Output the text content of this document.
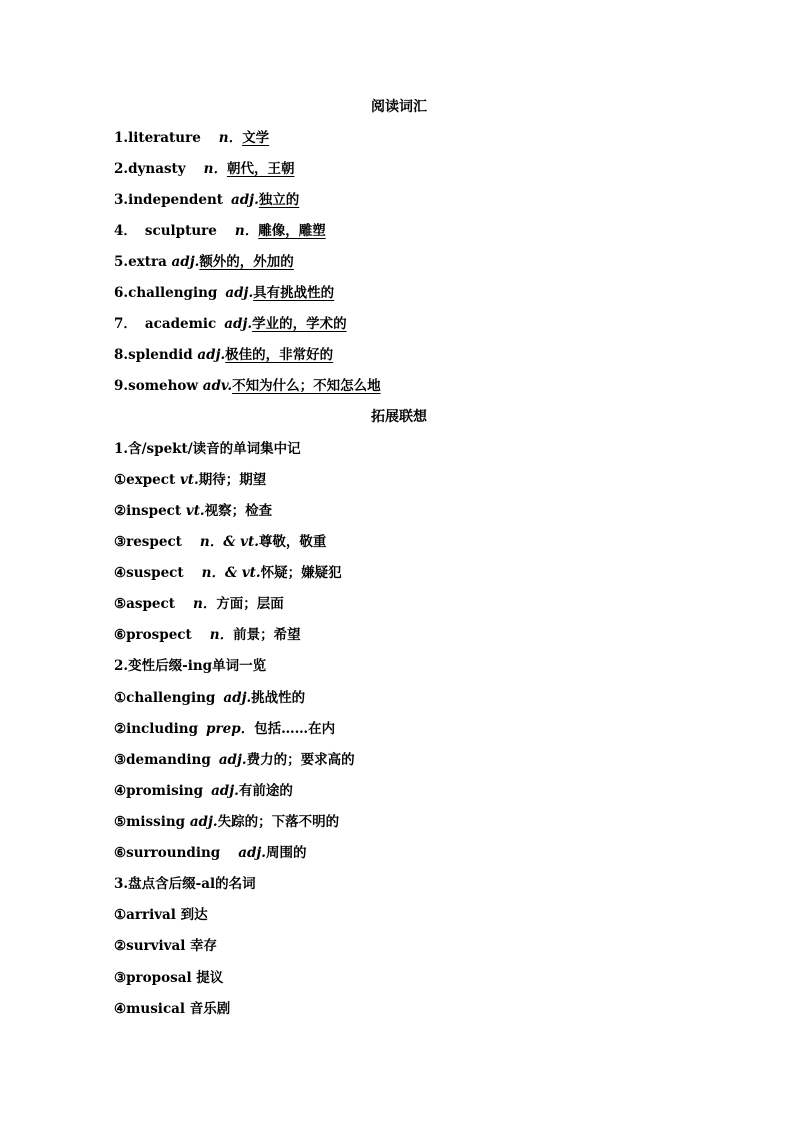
阅读词汇
1.literature n．文学
2.dynasty n．朝代，王朝
3.independent adj.独立的
4． sculpture n．雕像，雕塑
5.extra adj.额外的，外加的
6.challenging adj.具有挑战性的
7． academic adj.学业的，学术的
8.splendid adj.极佳的，非常好的
9.somehow adv.不知为什么；不知怎么地
拓展联想
1.含/spekt/读音的单词集中记
①expect vt.期待；期望
②inspect vt.视察；检查
③respect n．& vt.尊敬，敬重
④suspect n．& vt.怀疑；嫌疑犯
⑤aspect n．方面；层面
⑥prospect n．前景；希望
2.变性后缀-ing单词一览
①challenging adj.挑战性的
②including prep．包括……在内
③demanding adj.费力的；要求高的
④promising adj.有前途的
⑤missing adj.失踪的；下落不明的
⑥surrounding adj.周围的
3.盘点含后缀-al的名词
①arrival 到达
②survival 幸存
③proposal 提议
④musical 音乐剧
